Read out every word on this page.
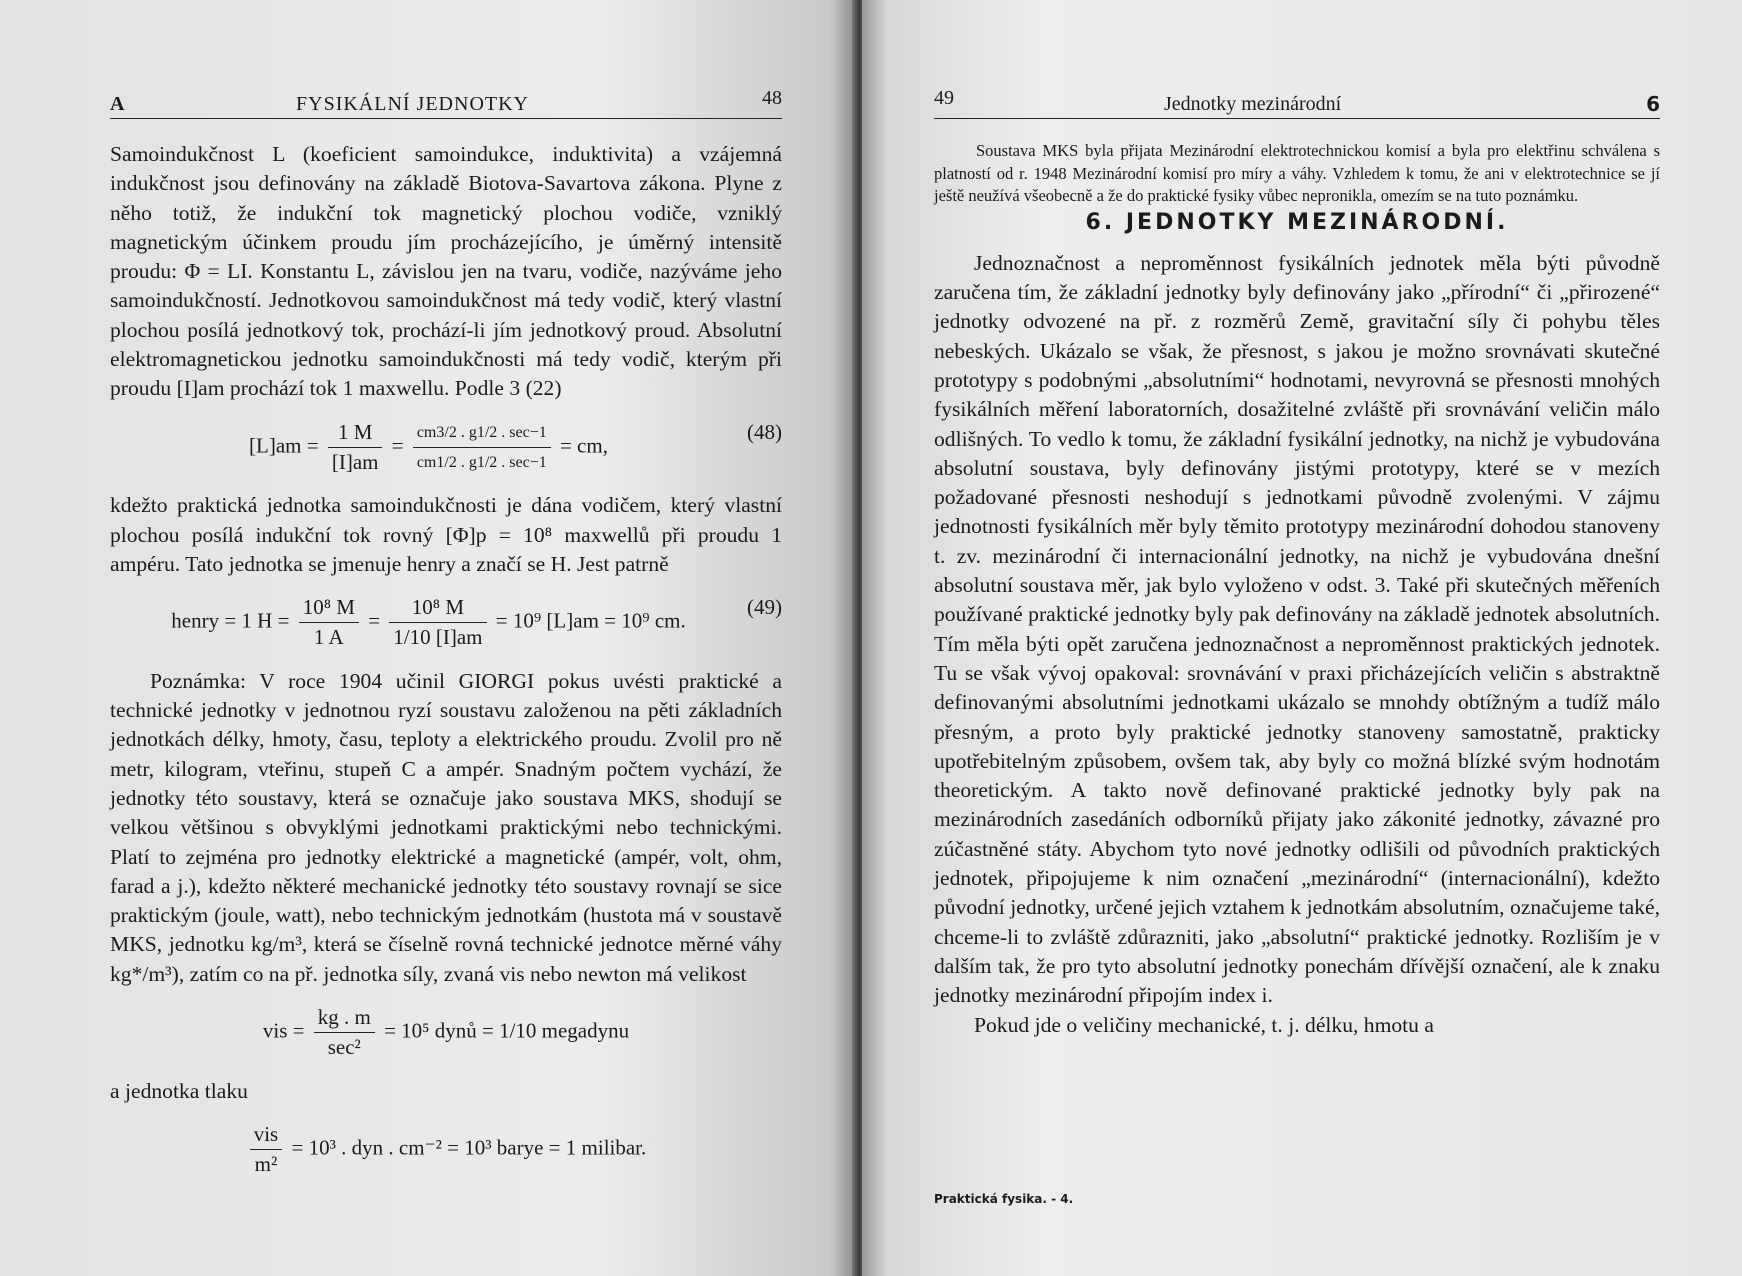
A	FYSIKÁLNÍ JEDNOTKY	48

Samoindukčnost L (koeficient samoindukce, induktivita) a vzájemná indukčnost jsou definovány na základě Biotova-Savartova zákona. Plyne z něho totiž, že indukční tok magnetický plochou vodiče, vzniklý magnetickým účinkem proudu jím procházejícího, je úměrný intensitě proudu: Φ = LI. Konstantu L, závislou jen na tvaru, vodiče, nazýváme jeho samoindukčností. Jednotkovou samoindukčnost má tedy vodič, který vlastní plochou posílá jednotkový tok, prochází-li jím jednotkový proud. Absolutní elektromagnetickou jednotku samoindukčnosti má tedy vodič, kterým při proudu [I]am prochází tok 1 maxwellu. Podle 3 (22)

$[L]am = \frac{1 M}{[I]am} = \frac{cm3/2 . g1/2 . \sec-1}{cm1/2 . g1/2 . \sec-1}$ = cm,
(48)

kdežto praktická jednotka samoindukčnosti je dána vodičem, který vlastní plochou posílá indukční tok rovný [Φ]p = 10⁸ maxwellů při proudu 1 ampéru. Tato jednotka se jmenuje henry a značí se H. Jest patrně

henry = 1 $H = \frac{\text{10⁸ M}}{1 A} = \frac{\text{10⁸ M}}{1/10 [I]am} = 10^9$ [L]am = 10⁹ cm.
(49)

Poznámka: V roce 1904 učinil GIORGI pokus uvésti praktické a technické jednotky v jednotnou ryzí soustavu založenou na pěti základních jednotkách délky, hmoty, času, teploty a elektrického proudu. Zvolil pro ně metr, kilogram, vteřinu, stupeň C a ampér. Snadným počtem vychází, že jednotky této soustavy, která se označuje jako soustava MKS, shodují se velkou většinou s obvyklými jednotkami praktickými nebo technickými. Platí to zejména pro jednotky elektrické a magnetické (ampér, volt, ohm, farad a j.), kdežto některé mechanické jednotky této soustavy rovnají se sice praktickým (joule, watt), nebo technickým jednotkám (hustota má v soustavě MKS, jednotku kg/m³, která se číselně rovná technické jednotce měrné váhy kg*/m³), zatím co na př. jednotka síly, zvaná vis nebo newton má velikost

vis = $\frac{kg . m}{\text{sec²}} = 10^5$ dynů = 1/10 megadynu

a jednotka tlaku

$\frac{\text{vis}}{\text{m²}} = 10^3$ . dyn . cm⁻² = 10³ barye = 1 milibar.
49	Jednotky mezinárodní	6

Soustava MKS byla přijata Mezinárodní elektrotechnickou komisí a byla pro elektřinu schválena s platností od r. 1948 Mezinárodní komisí pro míry a váhy. Vzhledem k tomu, že ani v elektrotechnice se jí ještě neužívá všeobecně a že do praktické fysiky vůbec nepronikla, omezím se na tuto poznámku.

6. JEDNOTKY MEZINÁRODNÍ.

Jednoznačnost a neproměnnost fysikálních jednotek měla býti původně zaručena tím, že základní jednotky byly definovány jako „přírodní“ či „přirozené“ jednotky odvozené na př. z rozměrů Země, gravitační síly či pohybu těles nebeských. Ukázalo se však, že přesnost, s jakou je možno srovnávati skutečné prototypy s podobnými „absolutními“ hodnotami, nevyrovná se přesnosti mnohých fysikálních měření laboratorních, dosažitelné zvláště při srovnávání veličin málo odlišných. To vedlo k tomu, že základní fysikální jednotky, na nichž je vybudována absolutní soustava, byly definovány jistými prototypy, které se v mezích požadované přesnosti neshodují s jednotkami původně zvolenými. V zájmu jednotnosti fysikálních měr byly těmito prototypy mezinárodní dohodou stanoveny t. zv. mezinárodní či internacionální jednotky, na nichž je vybudována dnešní absolutní soustava měr, jak bylo vyloženo v odst. 3. Také při skutečných měřeních používané praktické jednotky byly pak definovány na základě jednotek absolutních. Tím měla býti opět zaručena jednoznačnost a neproměnnost praktických jednotek. Tu se však vývoj opakoval: srovnávání v praxi přicházejících veličin s abstraktně definovanými absolutními jednotkami ukázalo se mnohdy obtížným a tudíž málo přesným, a proto byly praktické jednotky stanoveny samostatně, prakticky upotřebitelným způsobem, ovšem tak, aby byly co možná blízké svým hodnotám theoretickým. A takto nově definované praktické jednotky byly pak na mezinárodních zasedáních odborníků přijaty jako zákonité jednotky, závazné pro zúčastněné státy. Abychom tyto nové jednotky odlišili od původních praktických jednotek, připojujeme k nim označení „mezinárodní“ (internacionální), kdežto původní jednotky, určené jejich vztahem k jednotkám absolutním, označujeme také, chceme-li to zvláště zdůrazniti, jako „absolutní“ praktické jednotky. Rozliším je v dalším tak, že pro tyto absolutní jednotky ponechám dřívější označení, ale k znaku jednotky mezinárodní připojím index i.

Pokud jde o veličiny mechanické, t. j. délku, hmotu a

Praktická fysika. - 4.
